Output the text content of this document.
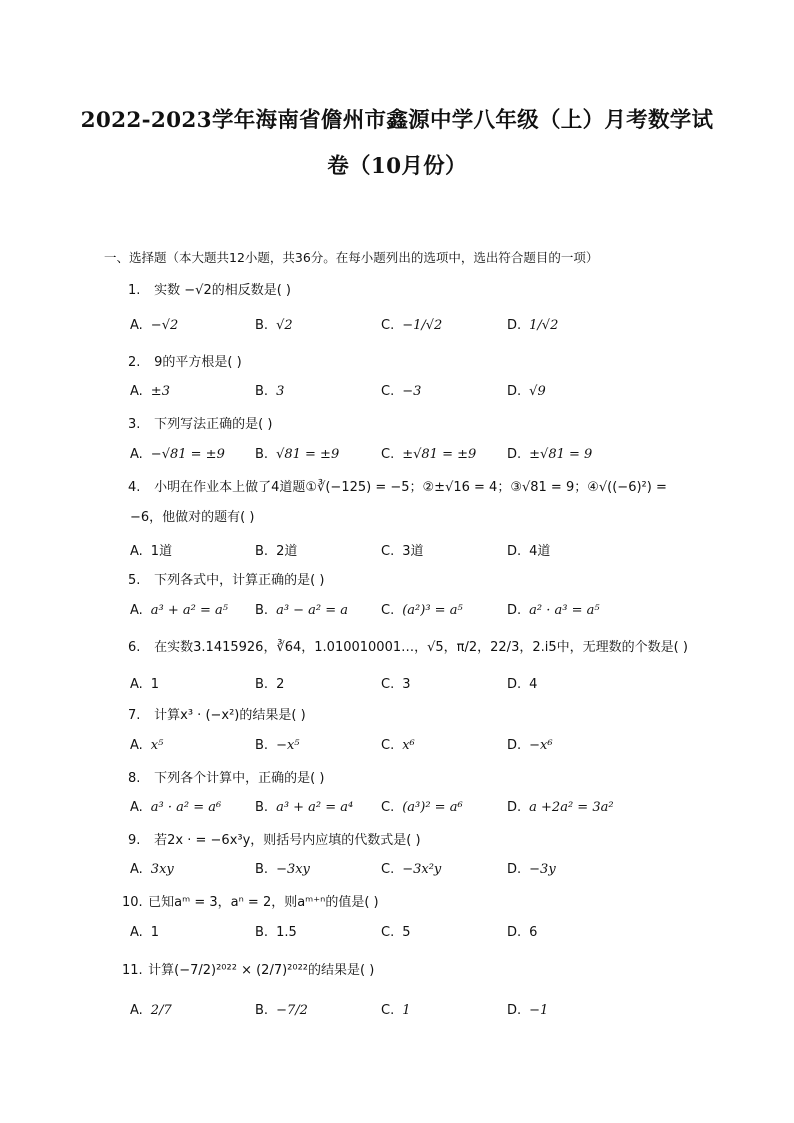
2022-2023学年海南省儋州市鑫源中学八年级（上）月考数学试
卷（10月份）
一、选择题（本大题共12小题，共36分。在每小题列出的选项中，选出符合题目的一项）
1. 实数 −√2的相反数是( )
A. −√2	B. √2	C. −1/√2	D. 1/√2
2. 9的平方根是( )
A. ±3	B. 3	C. −3	D. √9
3. 下列写法正确的是( )
A. −√81 = ±9 B. √81 = ±9	C. ±√81 = ±9 D. ±√81 = 9
4. 小明在作业本上做了4道题①∛(−125) = −5；②±√16 = 4；③√81 = 9；④√((−6)²) =
−6，他做对的题有( )
A. 1道	B. 2道	C. 3道	D. 4道
5. 下列各式中，计算正确的是( )
A. a³ + a² = a⁵ B. a³ − a² = a	C. (a²)³ = a⁵	D. a² · a³ = a⁵
6. 在实数3.1415926，∛64，1.010010001…，√5，π/2，22/3，2.i5中，无理数的个数是( )
A. 1	B. 2	C. 3	D. 4
7. 计算x³ · (−x²)的结果是( )
A. x⁵	B. −x⁵	C. x⁶	D. −x⁶
8. 下列各个计算中，正确的是( )
A. a³ · a² = a⁶	B. a³ + a² = a⁴ C. (a³)² = a⁶	D. a +2a² = 3a²
9. 若2x · = −6x³y，则括号内应填的代数式是( )
A. 3xy	B. −3xy	C. −3x²y	D. −3y
10. 已知aᵐ = 3，aⁿ = 2，则aᵐ⁺ⁿ的值是( )
A. 1	B. 1.5	C. 5	D. 6
11. 计算(−7/2)²⁰²² × (2/7)²⁰²²的结果是( )
A. 2/7	B. −7/2	C. 1	D. −1
